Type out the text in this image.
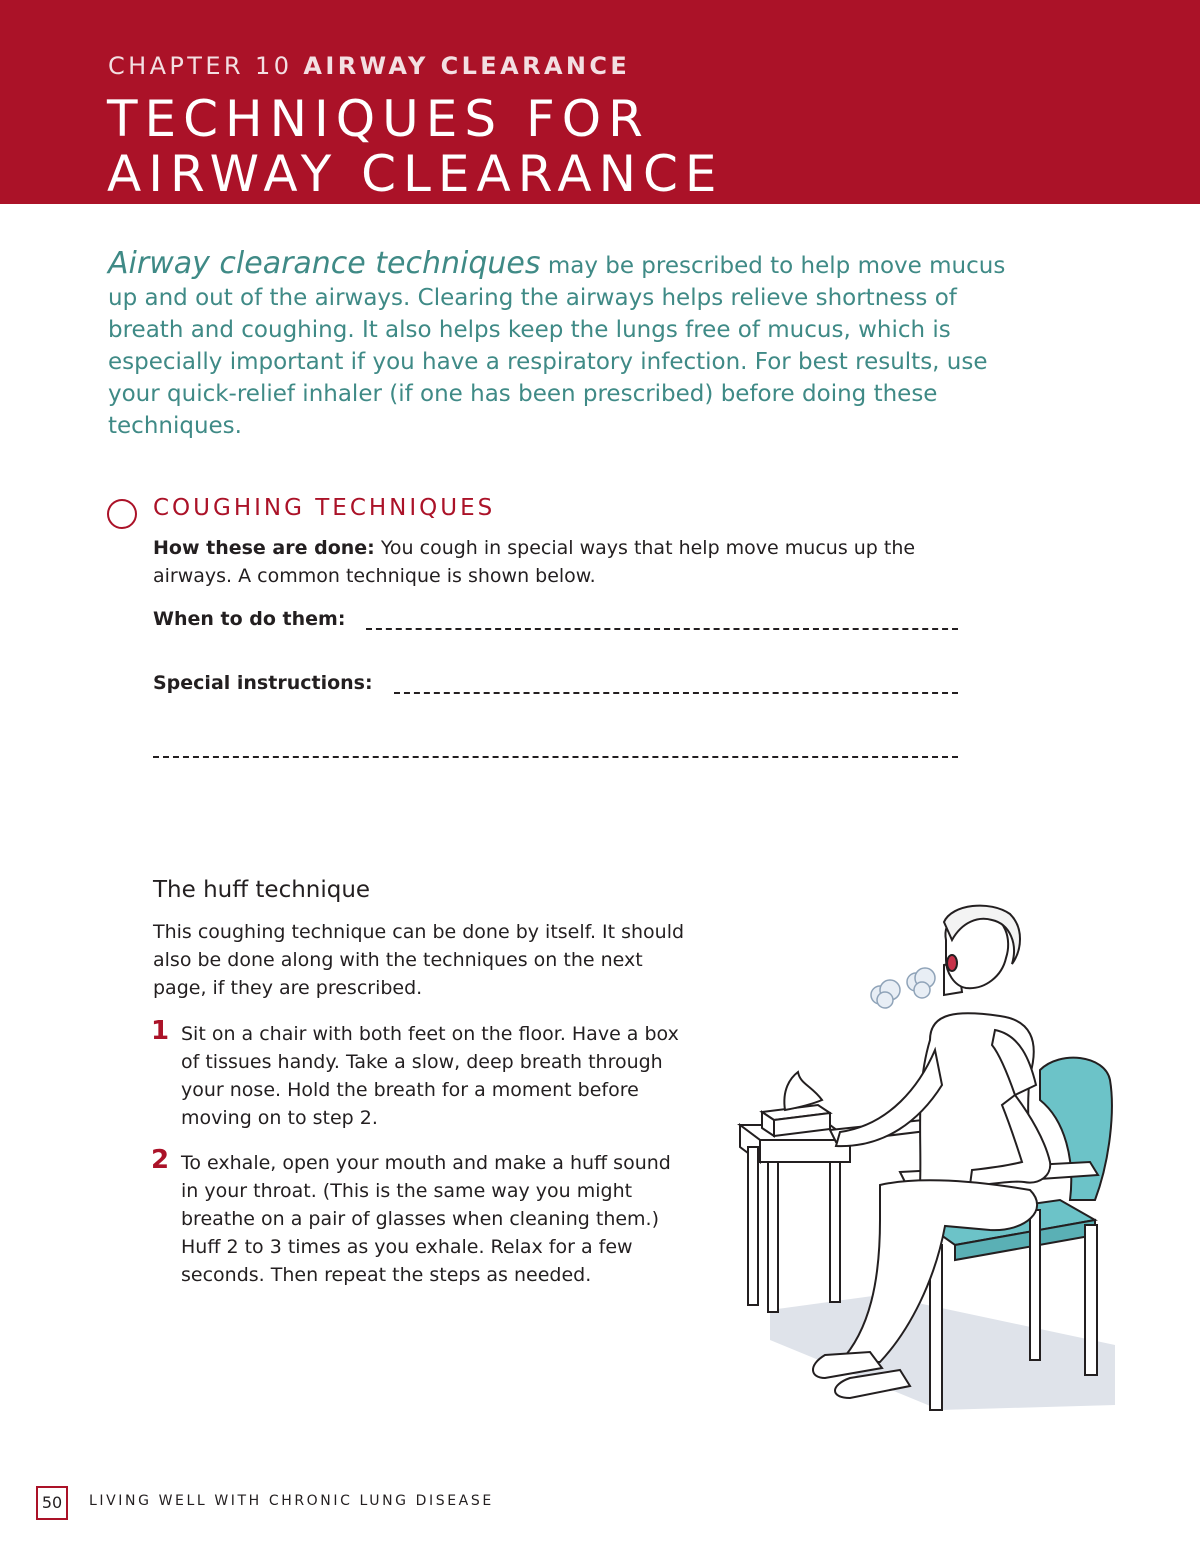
CHAPTER 10 AIRWAY CLEARANCE
TECHNIQUES FOR
AIRWAY CLEARANCE
Airway clearance techniques may be prescribed to help move mucus up and out of the airways. Clearing the airways helps relieve shortness of breath and coughing. It also helps keep the lungs free of mucus, which is especially important if you have a respiratory infection. For best results, use your quick-relief inhaler (if one has been prescribed) before doing these techniques.
COUGHING TECHNIQUES
How these are done: You cough in special ways that help move mucus up the airways. A common technique is shown below.
When to do them:
Special instructions:
The huff technique
This coughing technique can be done by itself. It should also be done along with the techniques on the next page, if they are prescribed.
1 Sit on a chair with both feet on the floor. Have a box of tissues handy. Take a slow, deep breath through your nose. Hold the breath for a moment before moving on to step 2.
2 To exhale, open your mouth and make a huff sound in your throat. (This is the same way you might breathe on a pair of glasses when cleaning them.) Huff 2 to 3 times as you exhale. Relax for a few seconds. Then repeat the steps as needed.
50	LIVING WELL WITH CHRONIC LUNG DISEASE
